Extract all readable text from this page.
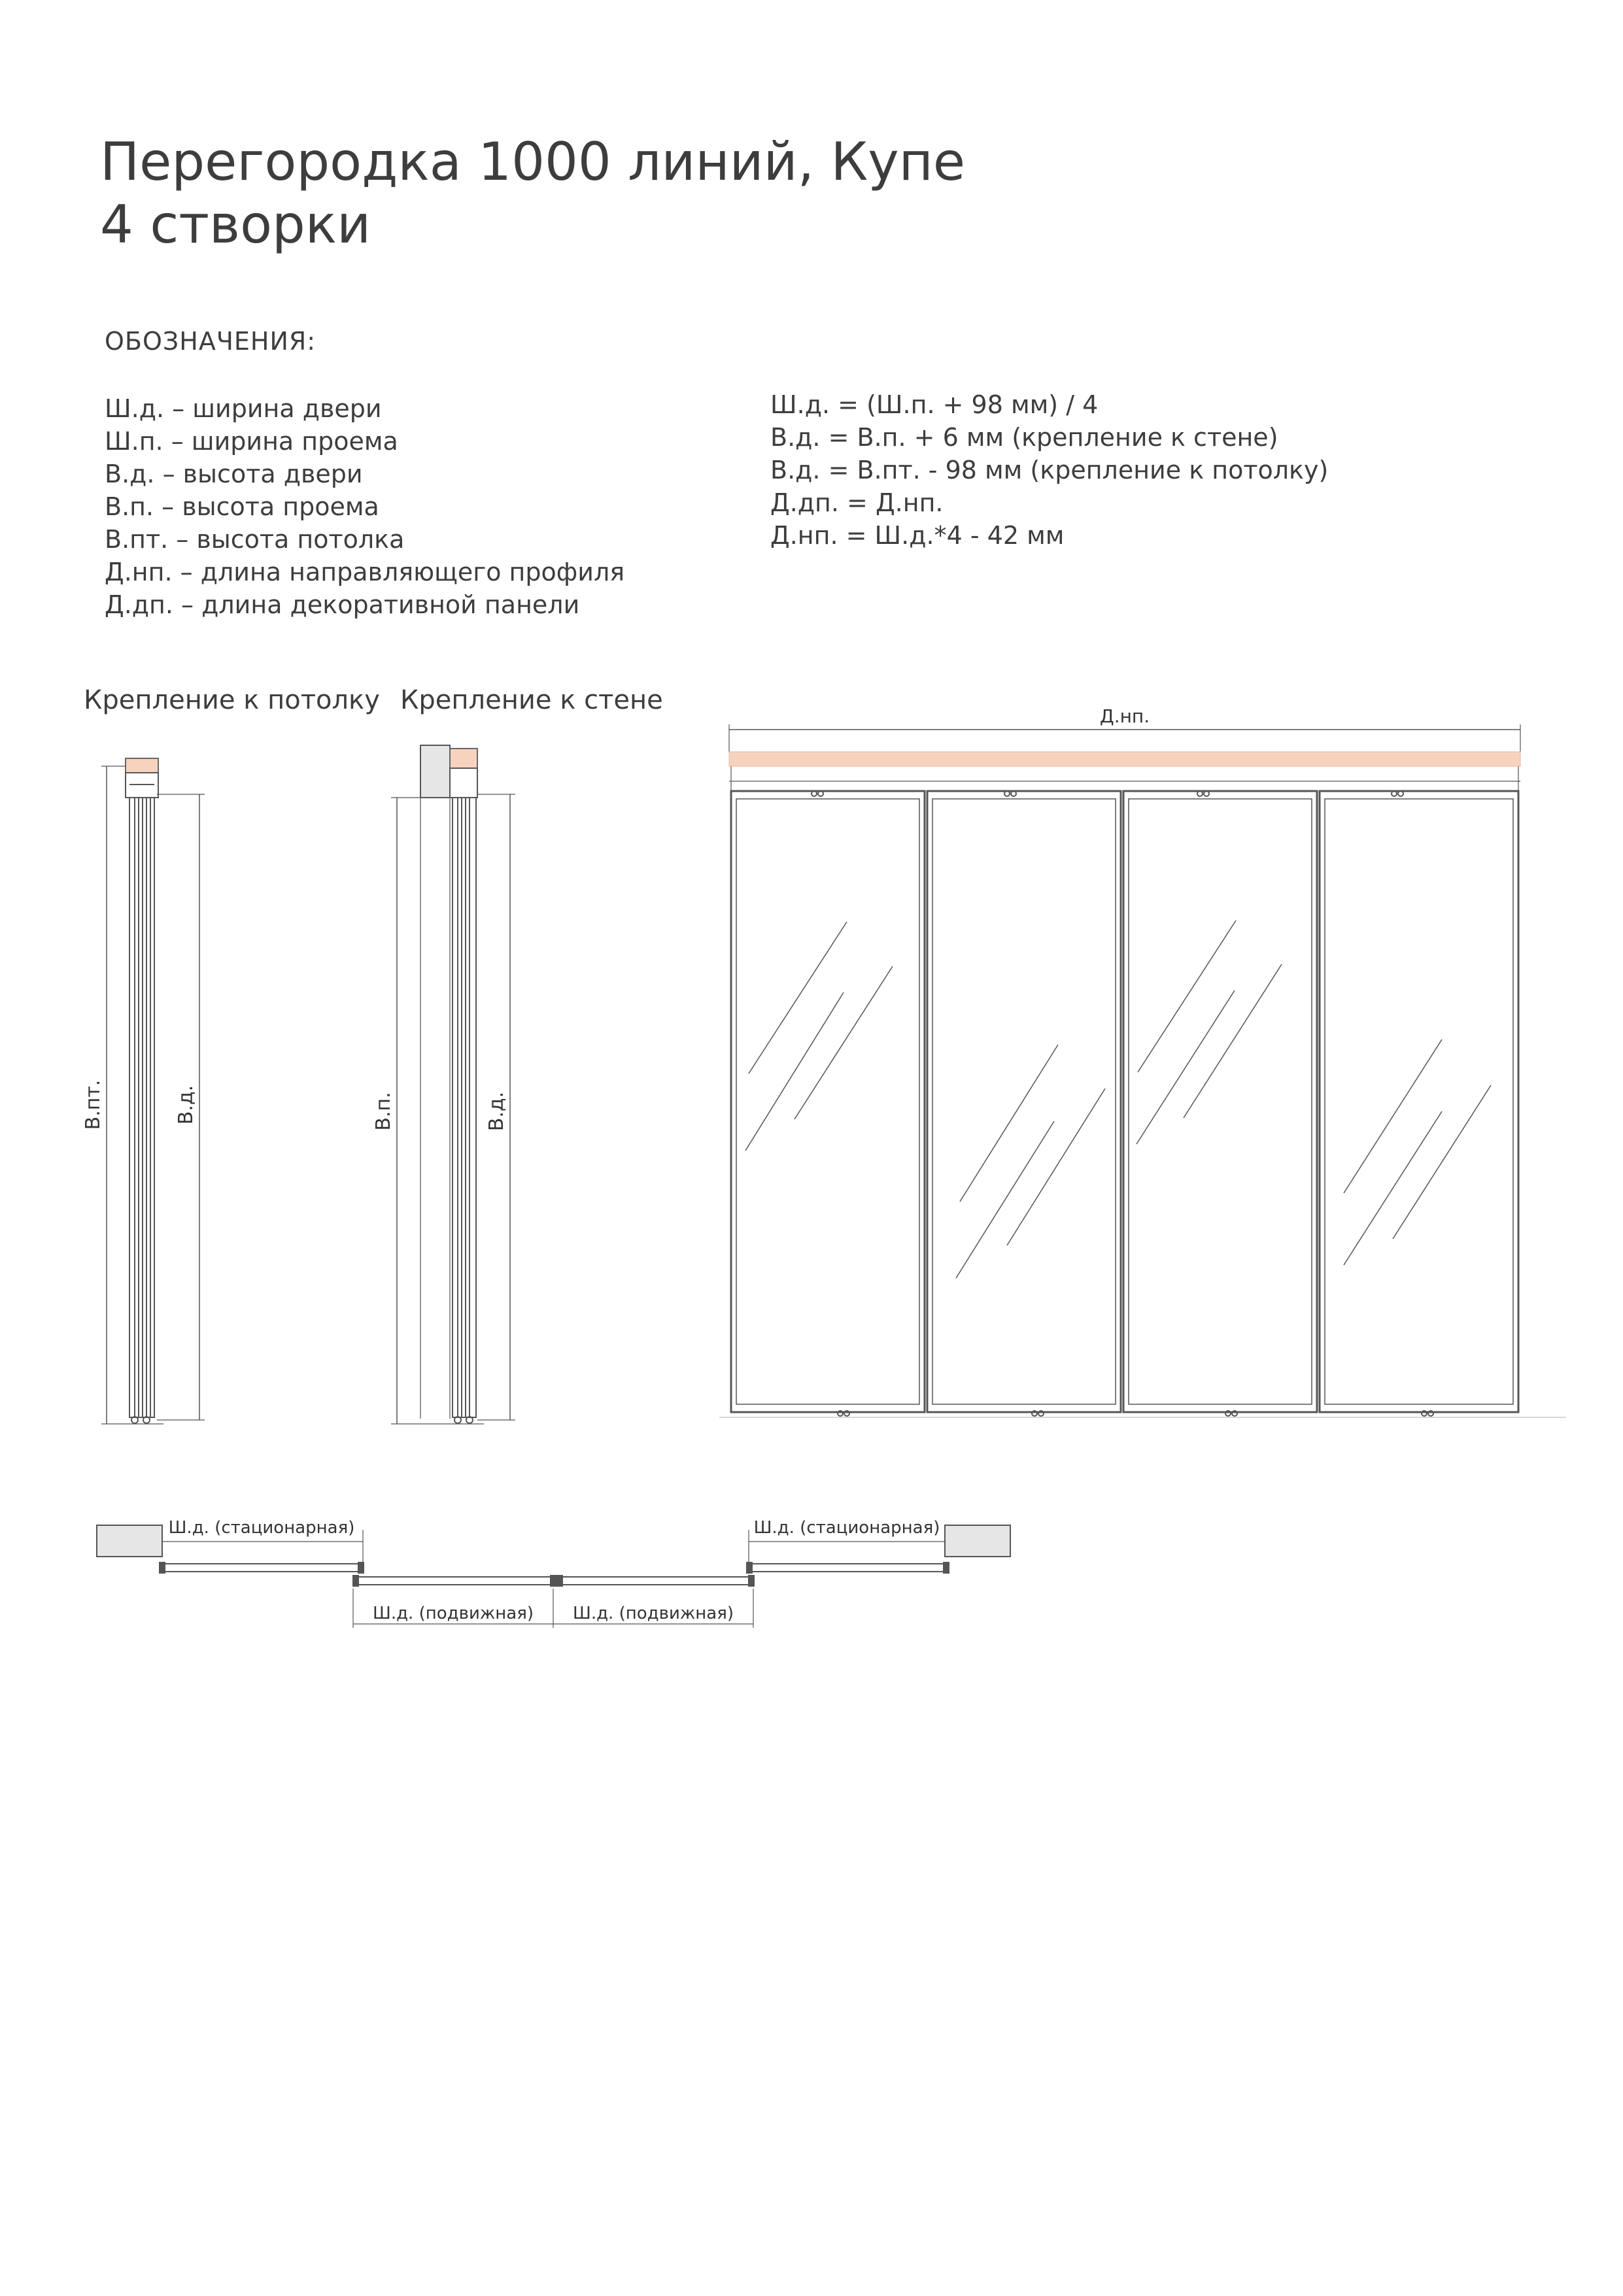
Перегородка 1000 линий, Купе
4 створки
ОБОЗНАЧЕНИЯ:
Ш.д. – ширина двери
Ш.п. – ширина проема
В.д. – высота двери
В.п. – высота проема
В.пт. – высота потолка
Д.нп. – длина направляющего профиля
Д.дп. – длина декоративной панели
Ш.д. = (Ш.п. + 98 мм) / 4
В.д. = В.п. + 6 мм (крепление к стене)
В.д. = В.пт. - 98 мм (крепление к потолку)
Д.дп. = Д.нп.
Д.нп. = Ш.д.*4 - 42 мм
Крепление к потолку Крепление к стене
В.пт.	В.д.	В.п.	В.д.
Д.нп.
Ш.д. (стационарная)	Ш.д. (стационарная)
Ш.д. (подвижная) Ш.д. (подвижная)
